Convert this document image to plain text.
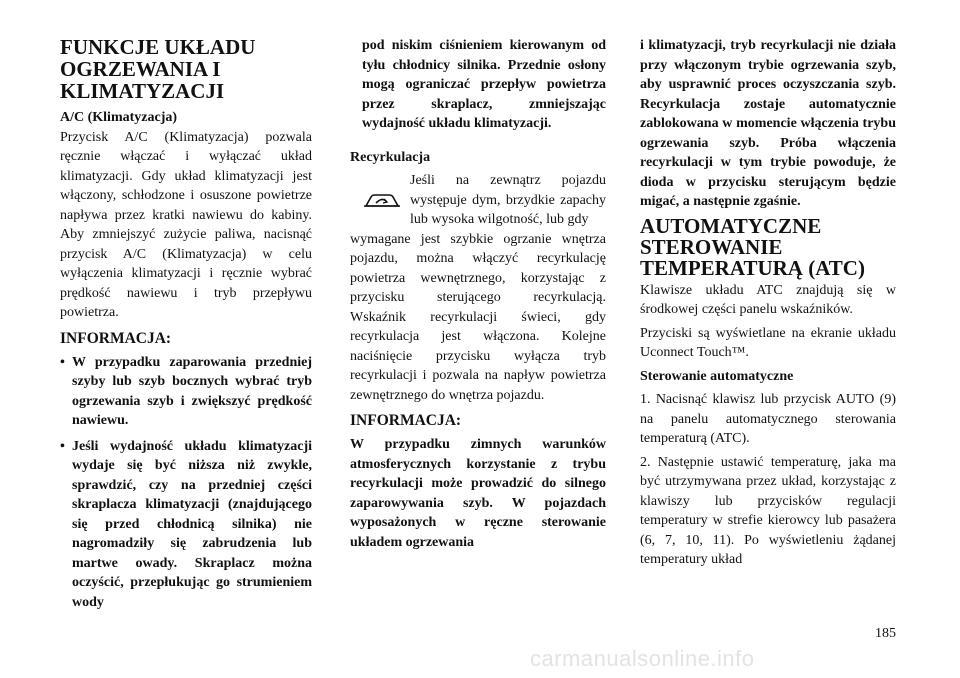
FUNKCJE UKŁADU
OGRZEWANIA I
KLIMATYZACJI
A/C (Klimatyzacja)

Przycisk A/C (Klimatyzacja) pozwala ręcznie włączać i wyłączać układ klimatyzacji. Gdy układ klimatyzacji jest włączony, schłodzone i osuszone powietrze napływa przez kratki nawiewu do kabiny. Aby zmniejszyć zużycie paliwa, nacisnąć przycisk A/C (Klimatyzacja) w celu wyłączenia klimatyzacji i ręcznie wybrać prędkość nawiewu i tryb przepływu powietrza.

INFORMACJA:
• W przypadku zaparowania przedniej szyby lub szyb bocznych wybrać tryb ogrzewania szyb i zwiększyć prędkość nawiewu.
• Jeśli wydajność układu klimatyzacji wydaje się być niższa niż zwykle, sprawdzić, czy na przedniej części skraplacza klimatyzacji (znajdującego się przed chłodnicą silnika) nie nagromadziły się zabrudzenia lub martwe owady. Skraplacz można oczyścić, przepłukując go strumieniem wody

pod niskim ciśnieniem kierowanym od tyłu chłodnicy silnika. Przednie osłony mogą ograniczać przepływ powietrza przez skraplacz, zmniejszając wydajność układu klimatyzacji.

Recyrkulacja
Jeśli na zewnątrz pojazdu występuje dym, brzydkie zapachy lub wysoka wilgotność, lub gdy

wymagane jest szybkie ogrzanie wnętrza pojazdu, można włączyć recyrkulację powietrza wewnętrznego, korzystając z przycisku sterującego recyrkulacją. Wskaźnik recyrkulacji świeci, gdy recyrkulacja jest włączona. Kolejne naciśnięcie przycisku wyłącza tryb recyrkulacji i pozwala na napływ powietrza zewnętrznego do wnętrza pojazdu.

INFORMACJA:

W przypadku zimnych warunków atmosferycznych korzystanie z trybu recyrkulacji może prowadzić do silnego zaparowywania szyb. W pojazdach wyposażonych w ręczne sterowanie układem ogrzewania

i klimatyzacji, tryb recyrkulacji nie działa przy włączonym trybie ogrzewania szyb, aby usprawnić proces oczyszczania szyb. Recyrkulacja zostaje automatycznie zablokowana w momencie włączenia trybu ogrzewania szyb. Próba włączenia recyrkulacji w tym trybie powoduje, że dioda w przycisku sterującym będzie migać, a następnie zgaśnie.

AUTOMATYCZNE
STEROWANIE
TEMPERATURĄ (ATC)

Klawisze układu ATC znajdują się w środkowej części panelu wskaźników.

Przyciski są wyświetlane na ekranie układu Uconnect Touch™.

Sterowanie automatyczne

1. Nacisnąć klawisz lub przycisk AUTO (9) na panelu automatycznego sterowania temperaturą (ATC).

2. Następnie ustawić temperaturę, jaka ma być utrzymywana przez układ, korzystając z klawiszy lub przycisków regulacji temperatury w strefie kierowcy lub pasażera (6, 7, 10, 11). Po wyświetleniu żądanej temperatury układ

185
carmanualsonline.info
